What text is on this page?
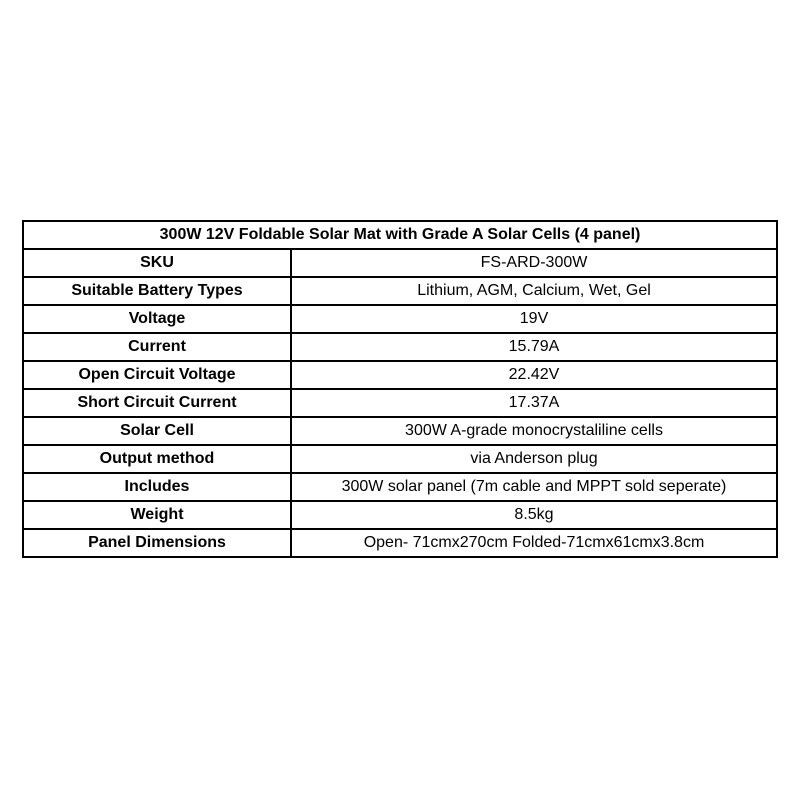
300W 12V Foldable Solar Mat with Grade A Solar Cells (4 panel)	
SKU	FS-ARD-300W
Suitable Battery Types	Lithium, AGM, Calcium, Wet, Gel
Voltage	19V
Current	15.79A
Open Circuit Voltage	22.42V
Short Circuit Current	17.37A
Solar Cell	300W A-grade monocrystaliline cells
Output method	via Anderson plug
Includes	300W solar panel (7m cable and MPPT sold seperate)
Weight	8.5kg
Panel Dimensions	Open- 71cmx270cm Folded-71cmx61cmx3.8cm
